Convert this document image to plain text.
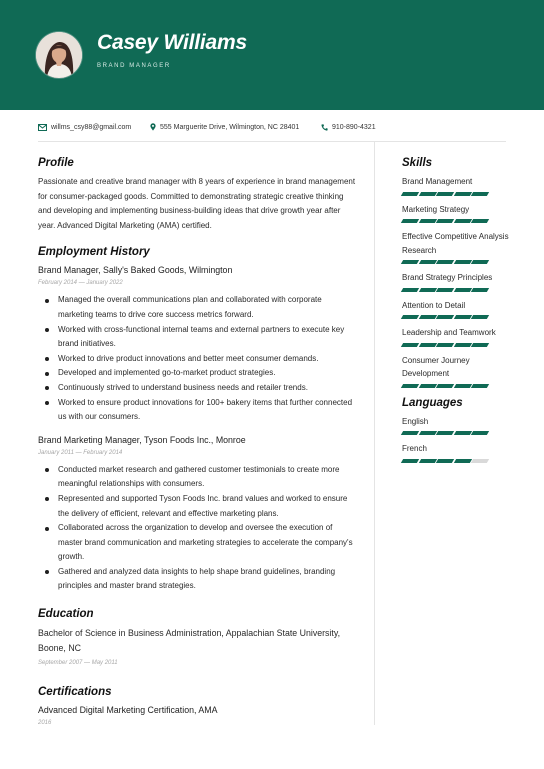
Casey Williams
BRAND MANAGER
willms_csy88@gmail.com	555 Marguerite Drive, Wilmington, NC 28401	910-890-4321
Profile

Passionate and creative brand manager with 8 years of experience in brand management for consumer-packaged goods. Committed to demonstrating strategic creative thinking and developing and implementing business-building ideas that drive growth year after year. Advanced Digital Marketing (AMA) certified.

Employment History

Brand Manager, Sally's Baked Goods, Wilmington

February 2014 — January 2022
Managed the overall communications plan and collaborated with corporate marketing teams to drive core success metrics forward.
Worked with cross-functional internal teams and external partners to execute key brand initiatives.
Worked to drive product innovations and better meet consumer demands.
Developed and implemented go-to-market product strategies.
Continuously strived to understand business needs and retailer trends.
Worked to ensure product innovations for 100+ bakery items that further connected us with our consumers.

Brand Marketing Manager, Tyson Foods Inc., Monroe

January 2011 — February 2014
Conducted market research and gathered customer testimonials to create more meaningful relationships with consumers.
Represented and supported Tyson Foods Inc. brand values and worked to ensure the delivery of efficient, relevant and effective marketing plans.
Collaborated across the organization to develop and oversee the execution of master brand communication and marketing strategies to accelerate the company's growth.
Gathered and analyzed data insights to help shape brand guidelines, branding principles and master brand strategies.
Education

Bachelor of Science in Business Administration, Appalachian State University, Boone, NC

September 2007 — May 2011
Certifications

Advanced Digital Marketing Certification, AMA

2016
Skills
Brand Management
Marketing Strategy
Effective Competitive Analysis Research
Brand Strategy Principles
Attention to Detail
Leadership and Teamwork
Consumer Journey Development
Languages
English
French
